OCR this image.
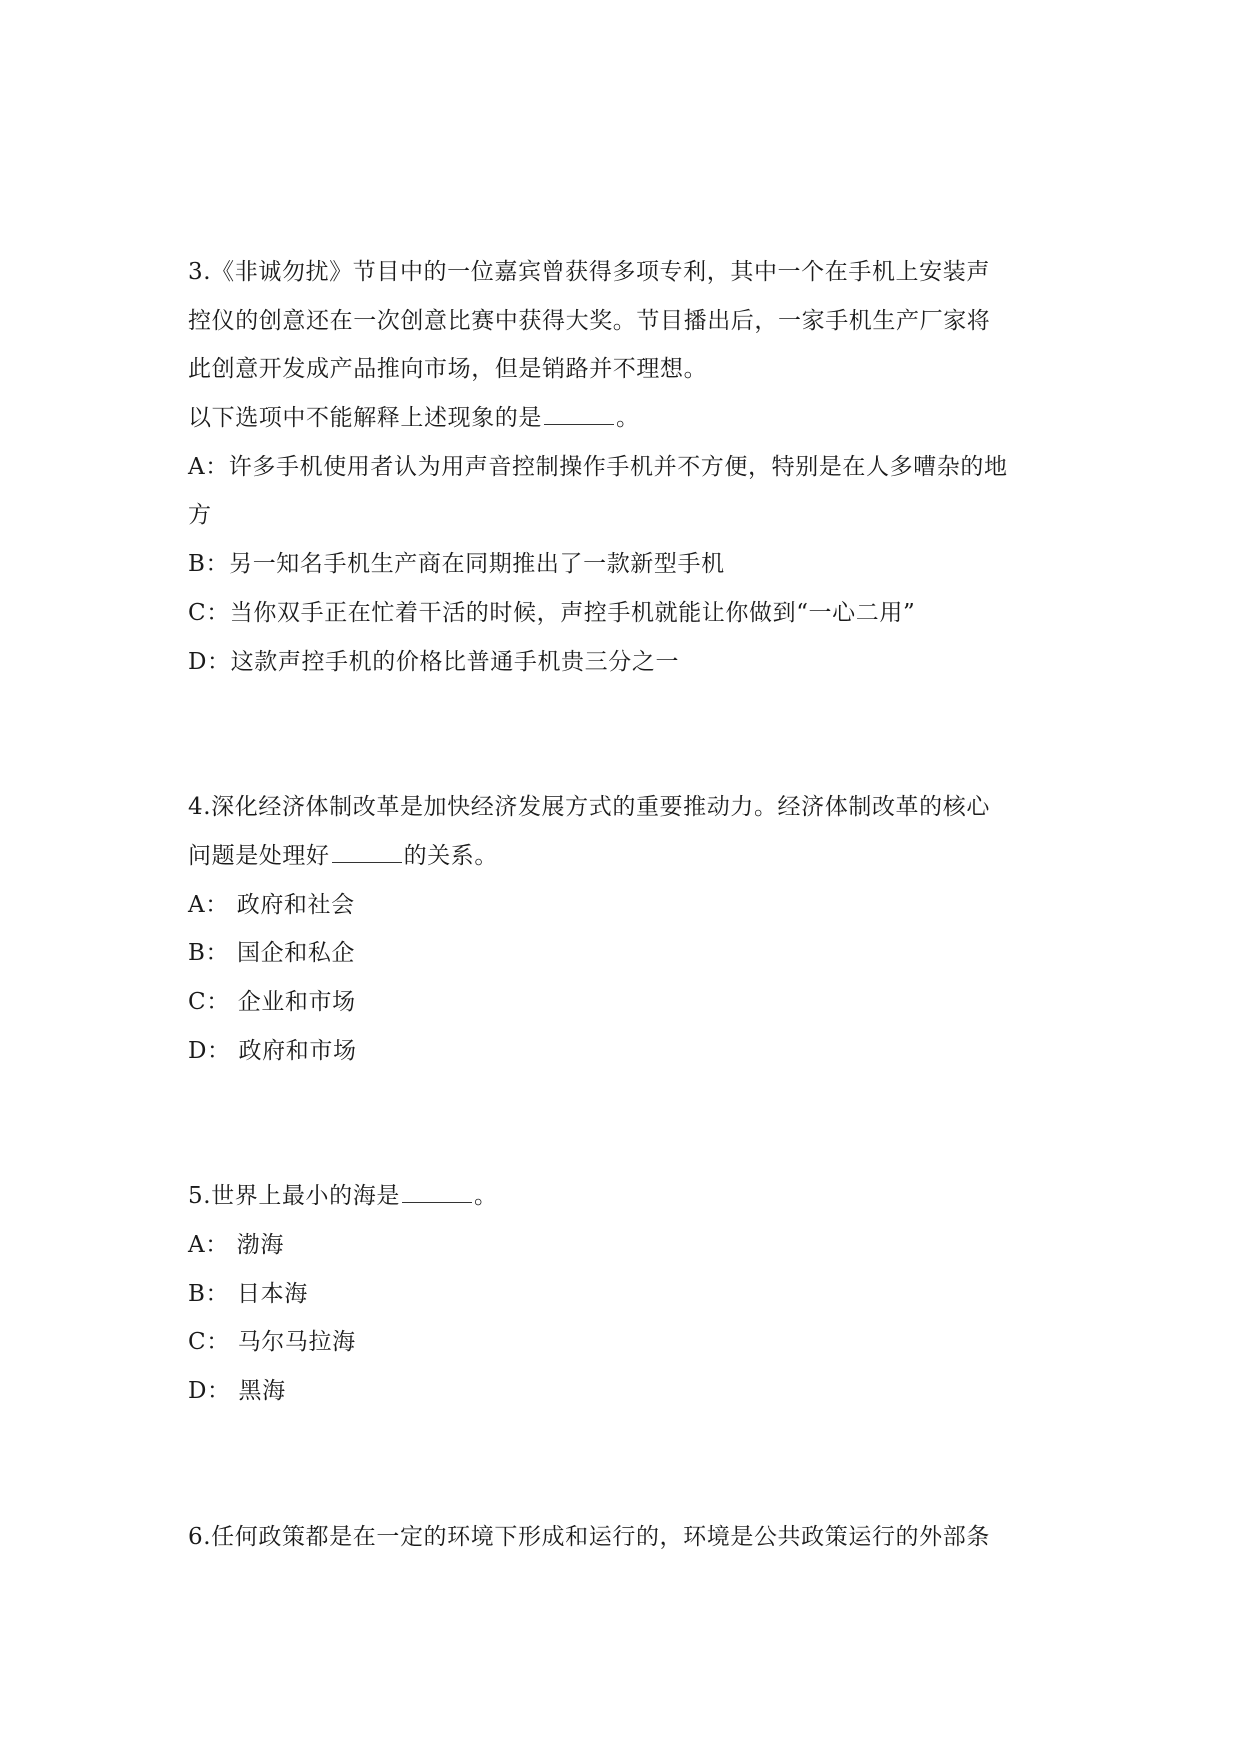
3.《非诚勿扰》节目中的一位嘉宾曾获得多项专利，其中一个在手机上安装声

控仪的创意还在一次创意比赛中获得大奖。节目播出后，一家手机生产厂家将

此创意开发成产品推向市场，但是销路并不理想。

以下选项中不能解释上述现象的是	。

A：许多手机使用者认为用声音控制操作手机并不方便，特别是在人多嘈杂的地

方

B：另一知名手机生产商在同期推出了一款新型手机

C：当你双手正在忙着干活的时候，声控手机就能让你做到“一心二用”

D：这款声控手机的价格比普通手机贵三分之一

4.深化经济体制改革是加快经济发展方式的重要推动力。经济体制改革的核心

问题是处理好	的关系。

A： 政府和社会

B： 国企和私企

C： 企业和市场

D： 政府和市场

5.世界上最小的海是	。

A： 渤海

B： 日本海

C： 马尔马拉海

D： 黑海

6.任何政策都是在一定的环境下形成和运行的，环境是公共政策运行的外部条
